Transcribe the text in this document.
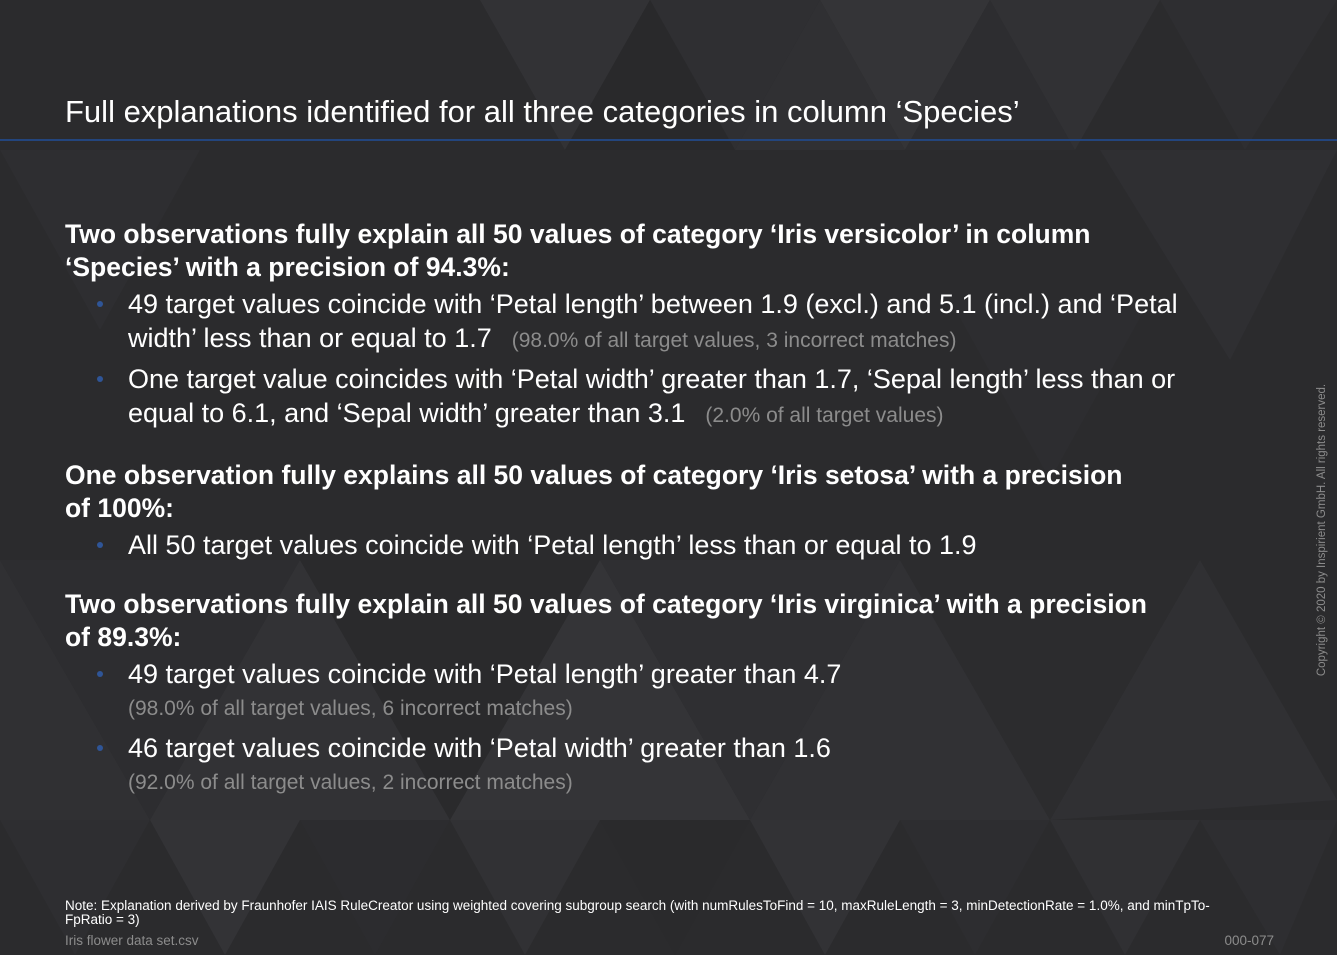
Full explanations identified for all three categories in column ‘Species’

Two observations fully explain all 50 values of category ‘Iris versicolor’ in column
‘Species’ with a precision of 94.3%:

49 target values coincide with ‘Petal length’ between 1.9 (excl.) and 5.1 (incl.) and ‘Petal
width’ less than or equal to 1.7 (98.0% of all target values, 3 incorrect matches)
One target value coincides with ‘Petal width’ greater than 1.7, ‘Sepal length’ less than or
equal to 6.1, and ‘Sepal width’ greater than 3.1 (2.0% of all target values)

One observation fully explains all 50 values of category ‘Iris setosa’ with a precision
of 100%:

All 50 target values coincide with ‘Petal length’ less than or equal to 1.9

Two observations fully explain all 50 values of category ‘Iris virginica’ with a precision
of 89.3%:

49 target values coincide with ‘Petal length’ greater than 4.7
(98.0% of all target values, 6 incorrect matches)
46 target values coincide with ‘Petal width’ greater than 1.6
(92.0% of all target values, 2 incorrect matches)
Note: Explanation derived by Fraunhofer IAIS RuleCreator using weighted covering subgroup search (with numRulesToFind = 10, maxRuleLength = 3, minDetectionRate = 1.0%, and minTpTo-
FpRatio = 3)
Iris flower data set.csv	000-077
Copyright © 2020 by Inspirient GmbH. All rights reserved.
